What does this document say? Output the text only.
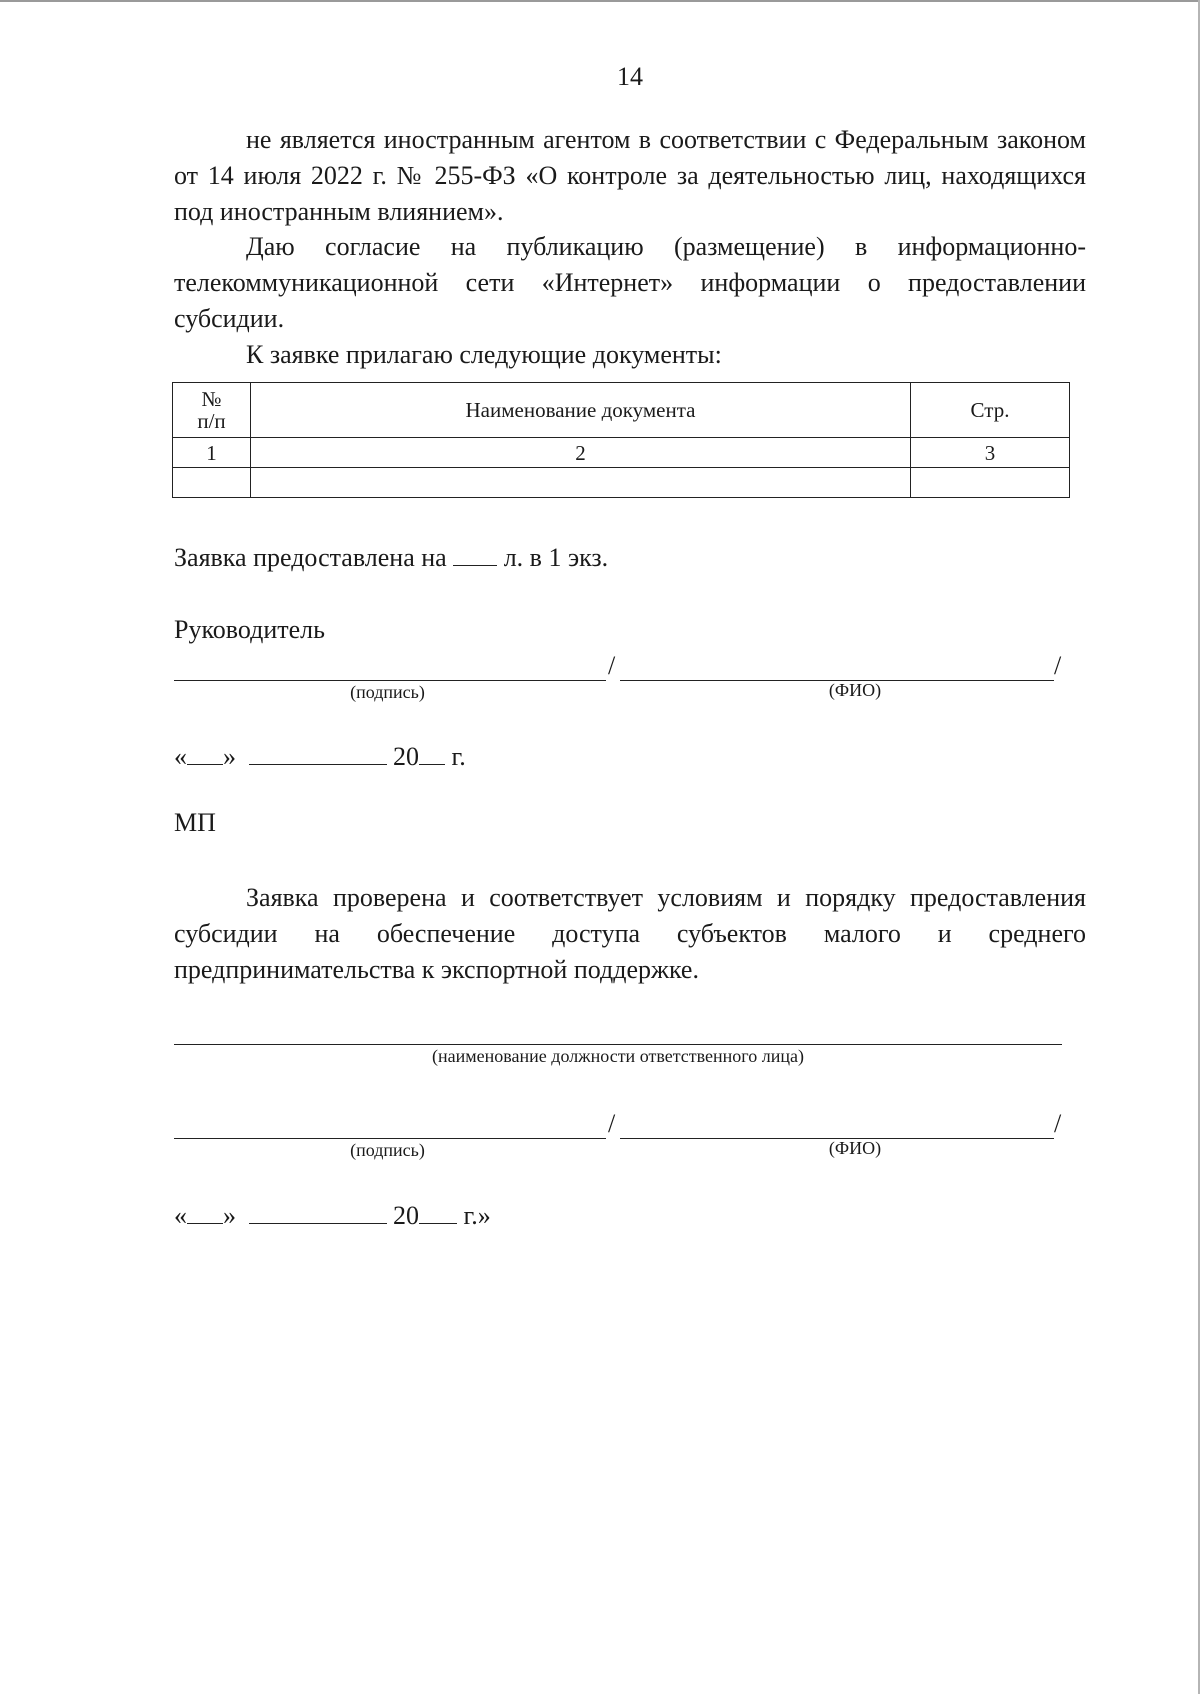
14
не является иностранным агентом в соответствии с Федеральным законом от 14 июля 2022 г. № 255-ФЗ «О контроле за деятельностью лиц, находящихся под иностранным влиянием».
Даю согласие на публикацию (размещение) в информационно-телекоммуникационной сети «Интернет» информации о предоставлении субсидии.
К заявке прилагаю следующие документы:
№
п/п	Наименование документа	Стр.
1	2	3

Заявка предоставлена на л. в 1 экз.
Руководитель
/	/
(подпись)	(ФИО)
« »	20 г.
МП
Заявка проверена и соответствует условиям и порядку предоставления субсидии на обеспечение доступа субъектов малого и среднего предпринимательства к экспортной поддержке.
(наименование должности ответственного лица)
/	/
(подпись)	(ФИО)
« »	20 г.»
